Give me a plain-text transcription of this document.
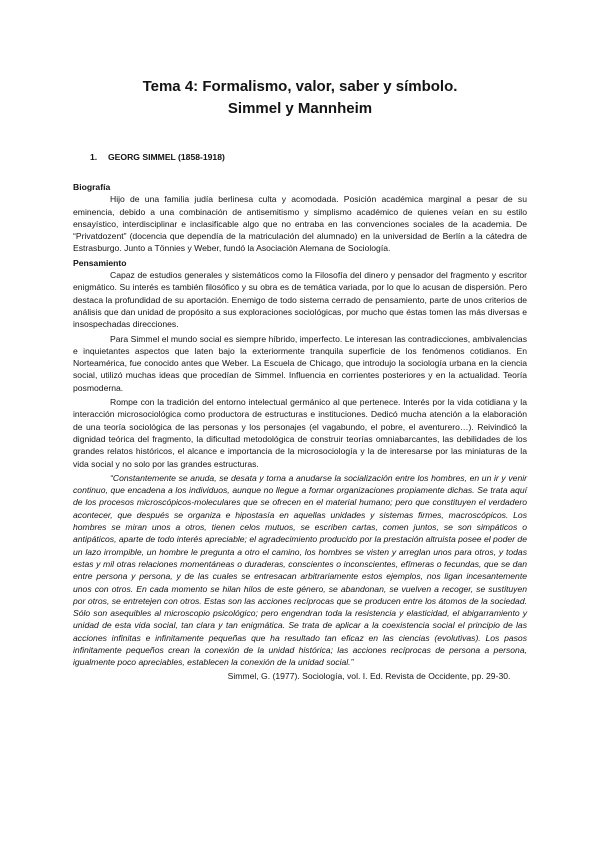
Tema 4: Formalismo, valor, saber y símbolo.
Simmel y Mannheim
1. GEORG SIMMEL (1858-1918)

Biografía

Hijo de una familia judía berlinesa culta y acomodada. Posición académica marginal a pesar de su eminencia, debido a una combinación de antisemitismo y simplismo académico de quienes veían en su estilo ensayístico, interdisciplinar e inclasificable algo que no entraba en las convenciones sociales de la academia. De “Privatdozent” (docencia que dependía de la matriculación del alumnado) en la universidad de Berlín a la cátedra de Estrasburgo. Junto a Tönnies y Weber, fundó la Asociación Alemana de Sociología.

Pensamiento

Capaz de estudios generales y sistemáticos como la Filosofía del dinero y pensador del fragmento y escritor enigmático. Su interés es también filosófico y su obra es de temática variada, por lo que lo acusan de dispersión. Pero destaca la profundidad de su aportación. Enemigo de todo sistema cerrado de pensamiento, parte de unos criterios de análisis que dan unidad de propósito a sus exploraciones sociológicas, por mucho que éstas tomen las más diversas e insospechadas direcciones.

Para Simmel el mundo social es siempre híbrido, imperfecto. Le interesan las contradicciones, ambivalencias e inquietantes aspectos que laten bajo la exteriormente tranquila superficie de los fenómenos cotidianos. En Norteamérica, fue conocido antes que Weber. La Escuela de Chicago, que introdujo la sociología urbana en la ciencia social, utilizó muchas ideas que procedían de Simmel. Influencia en corrientes posteriores y en la actualidad. Teoría posmoderna.

Rompe con la tradición del entorno intelectual germánico al que pertenece. Interés por la vida cotidiana y la interacción microsociológica como productora de estructuras e instituciones. Dedicó mucha atención a la elaboración de una teoría sociológica de las personas y los personajes (el vagabundo, el pobre, el aventurero…). Reivindicó la dignidad teórica del fragmento, la dificultad metodológica de construir teorías omniabarcantes, las debilidades de los grandes relatos históricos, el alcance e importancia de la microsociología y la de interesarse por las miniaturas de la vida social y no solo por las grandes estructuras.

“Constantemente se anuda, se desata y torna a anudarse la socialización entre los hombres, en un ir y venir continuo, que encadena a los individuos, aunque no llegue a formar organizaciones propiamente dichas. Se trata aquí de los procesos microscópicos-moleculares que se ofrecen en el material humano; pero que constituyen el verdadero acontecer, que después se organiza e hipostasía en aquellas unidades y sistemas firmes, macroscópicos. Los hombres se miran unos a otros, tienen celos mutuos, se escriben cartas, comen juntos, se son simpáticos o antipáticos, aparte de todo interés apreciable; el agradecimiento producido por la prestación altruista posee el poder de un lazo irrompible, un hombre le pregunta a otro el camino, los hombres se visten y arreglan unos para otros, y todas estas y mil otras relaciones momentáneas o duraderas, conscientes o inconscientes, efímeras o fecundas, que se dan entre persona y persona, y de las cuales se entresacan arbitrariamente estos ejemplos, nos ligan incesantemente unos con otros. En cada momento se hilan hilos de este género, se abandonan, se vuelven a recoger, se sustituyen por otros, se entretejen con otros. Estas son las acciones recíprocas que se producen entre los átomos de la sociedad. Sólo son asequibles al microscopio psicológico; pero engendran toda la resistencia y elasticidad, el abigarramiento y unidad de esta vida social, tan clara y tan enigmática. Se trata de aplicar a la coexistencia social el principio de las acciones infinitas e infinitamente pequeñas que ha resultado tan eficaz en las ciencias (evolutivas). Los pasos infinitamente pequeños crean la conexión de la unidad histórica; las acciones recíprocas de persona a persona, igualmente poco apreciables, establecen la conexión de la unidad social.”

Simmel, G. (1977). Sociología, vol. I. Ed. Revista de Occidente, pp. 29-30.
